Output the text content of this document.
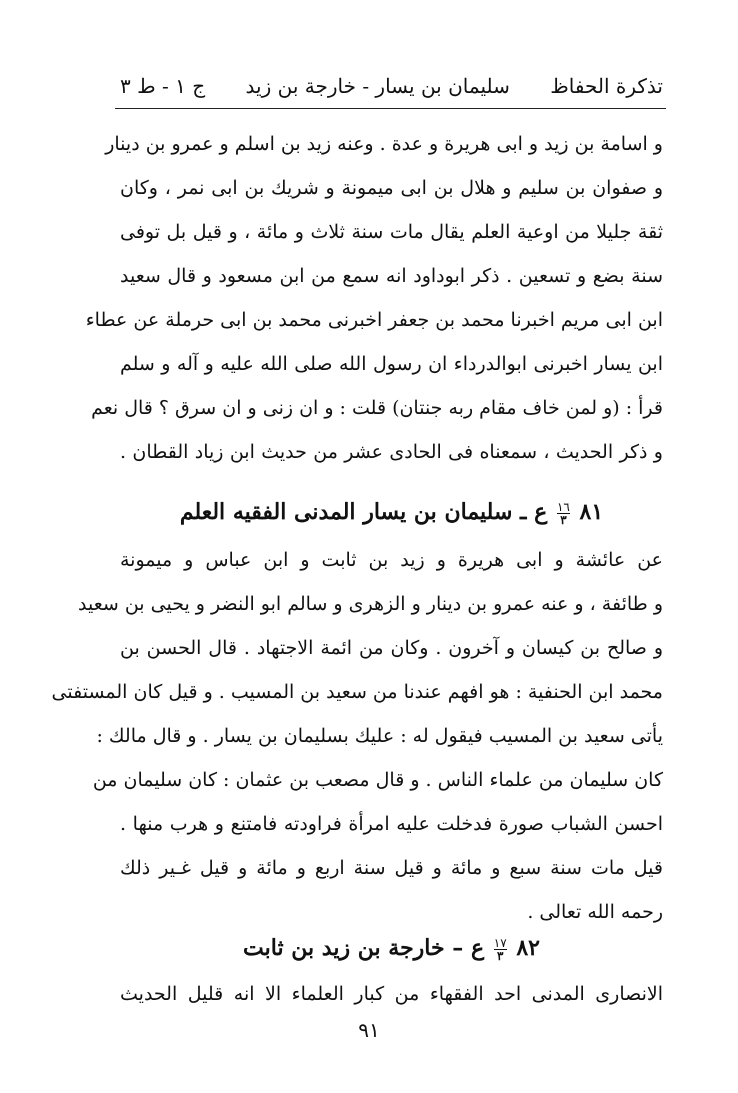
تذكرة الحفاظ
سليمان بن يسار - خارجة بن زيد
ج ١ - ط ٣
و اسامة بن زيد و ابى هريرة و عدة . وعنه زيد بن اسلم و عمرو بن دينار
و صفوان بن سليم و هلال بن ابى ميمونة و شريك بن ابى نمر ، وكان
ثقة جليلا من اوعية العلم يقال مات سنة ثلاث و مائة ، و قيل بل توفى
سنة بضع و تسعين . ذكر ابوداود انه سمع من ابن مسعود و قال سعيد
ابن ابى مريم اخبرنا محمد بن جعفر اخبرنى محمد بن ابى حرملة عن عطاء
ابن يسار اخبرنى ابوالدرداء ان رسول الله صلى الله عليه و آله و سلم
قرأ : (و لمن خاف مقام ربه جنتان) قلت : و ان زنى و ان سرق ؟ قال نعم
و ذكر الحديث ، سمعناه فى الحادى عشر من حديث ابن زياد القطان .
٨١
$\frac{١٦}{٣}$
ع ـ سليمان بن يسار المدنى الفقيه العلم
عن عائشة و ابى هريرة و زيد بن ثابت و ابن عباس و ميمونة
و طائفة ، و عنه عمرو بن دينار و الزهرى و سالم ابو النضر و يحيى بن سعيد
و صالح بن كيسان و آخرون . وكان من ائمة الاجتهاد . قال الحسن بن
محمد ابن الحنفية : هو افهم عندنا من سعيد بن المسيب . و قيل كان المستفتى
يأتى سعيد بن المسيب فيقول له : عليك بسليمان بن يسار . و قال مالك :
كان سليمان من علماء الناس . و قال مصعب بن عثمان : كان سليمان من
احسن الشباب صورة فدخلت عليه امرأة فراودته فامتنع و هرب منها .
قيل مات سنة سبع و مائة و قيل سنة اربع و مائة و قيل غـير ذلك
رحمه الله تعالى .
٨٢
$\frac{١٧}{٣}$
ع – خارجة بن زيد بن ثابت
الانصارى المدنى احد الفقهاء من كبار العلماء الا انه قليل الحديث
٩١
